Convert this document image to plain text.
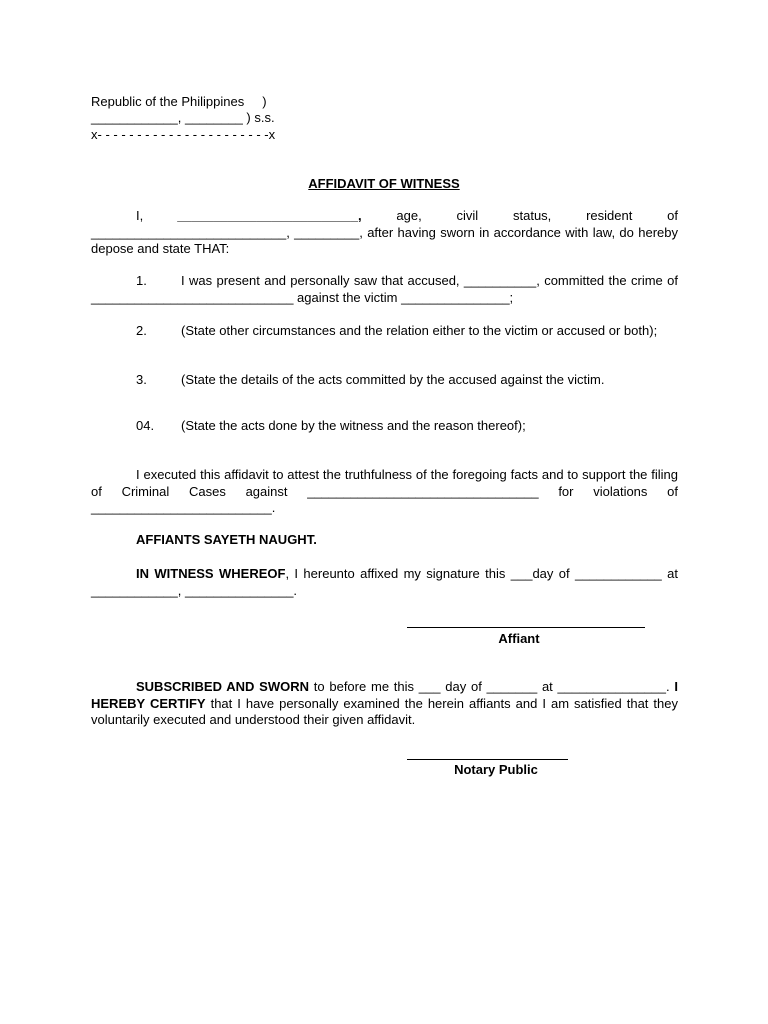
Republic of the Philippines     )
____________, ________ ) s.s.
x- - - - - - - - - - - - - - - - - - - - - -x
AFFIDAVIT OF WITNESS
I,	_________________________, age, civil status, resident of ___________________________, _________, after having sworn in accordance with law, do hereby depose and state THAT:
1.	I was present and personally saw that accused, __________, committed the crime of ____________________________ against the victim _______________;
2.	(State other circumstances and the relation either to the victim or accused or both);
3.	(State the details of the acts committed by the accused against the victim.
04. (State the acts done by the witness and the reason thereof);
I executed this affidavit to attest the truthfulness of the foregoing facts and to support the filing of Criminal Cases against ________________________________ for violations of _________________________.
AFFIANTS SAYETH NAUGHT.
IN WITNESS WHEREOF, I hereunto affixed my signature this ___day of ____________ at ____________, _______________.
Affiant
SUBSCRIBED AND SWORN to before me this ___ day of _______ at _______________. I HEREBY CERTIFY that I have personally examined the herein affiants and I am satisfied that they voluntarily executed and understood their given affidavit.
Notary Public
